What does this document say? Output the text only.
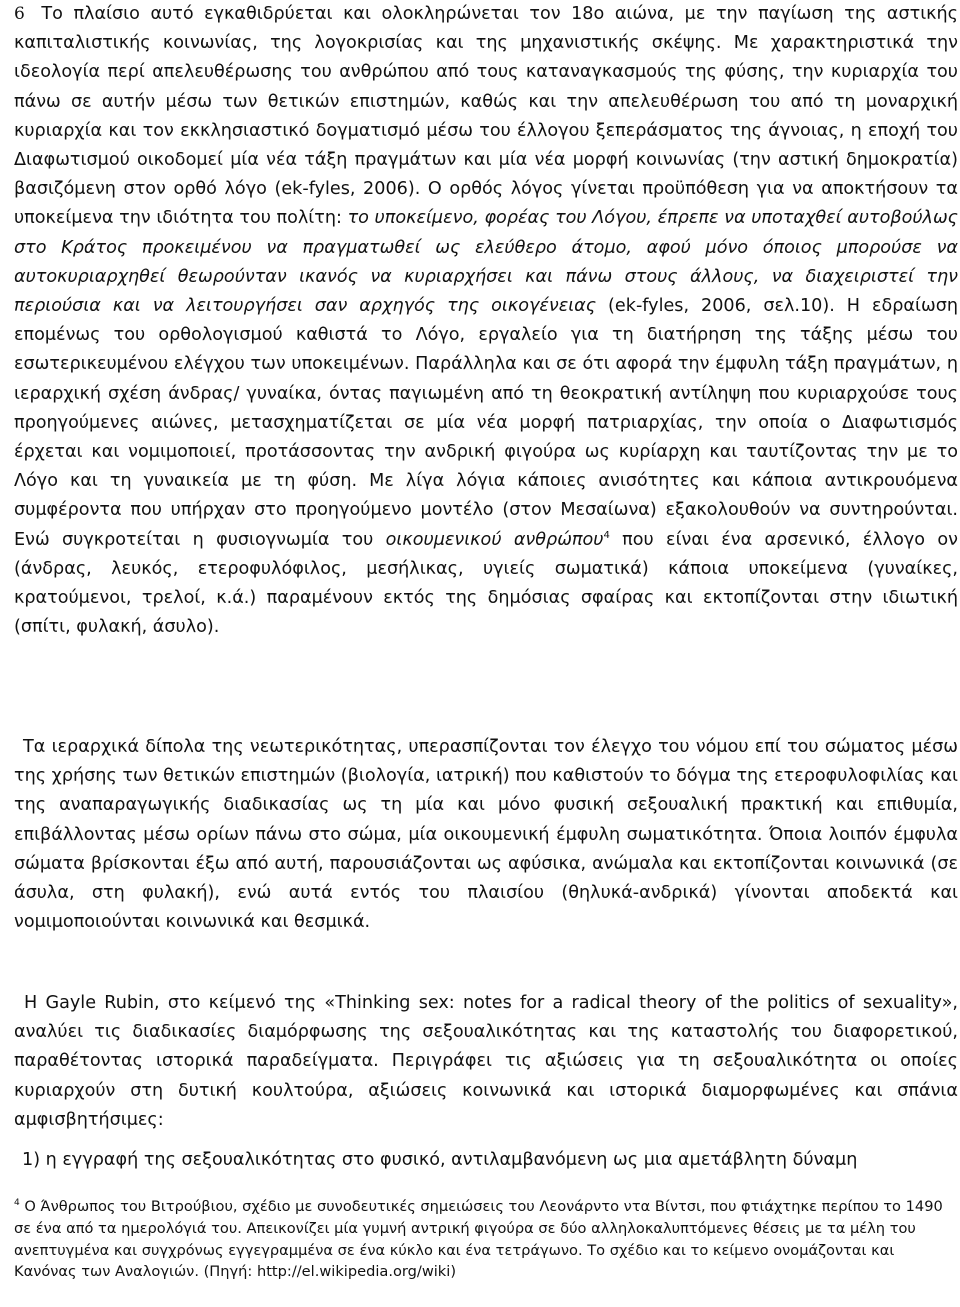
6 Το πλαίσιο αυτό εγκαθιδρύεται και ολοκληρώνεται τον 18ο αιώνα, με την παγίωση της αστικής καπιταλιστικής κοινωνίας, της λογοκρισίας και της μηχανιστικής σκέψης. Με χαρακτηριστικά την ιδεολογία περί απελευθέρωσης του ανθρώπου από τους καταναγκασμούς της φύσης, την κυριαρχία του πάνω σε αυτήν μέσω των θετικών επιστημών, καθώς και την απελευθέρωση του από τη μοναρχική κυριαρχία και τον εκκλησιαστικό δογματισμό μέσω του έλλογου ξεπεράσματος της άγνοιας, η εποχή του Διαφωτισμού οικοδομεί μία νέα τάξη πραγμάτων και μία νέα μορφή κοινωνίας (την αστική δημοκρατία) βασιζόμενη στον ορθό λόγο (ek-fyles, 2006). Ο ορθός λόγος γίνεται προϋπόθεση για να αποκτήσουν τα υποκείμενα την ιδιότητα του πολίτη: το υποκείμενο, φορέας του Λόγου, έπρεπε να υποταχθεί αυτοβούλως στο Κράτος προκειμένου να πραγματωθεί ως ελεύθερο άτομο, αφού μόνο όποιος μπορούσε να αυτοκυριαρχηθεί θεωρούνταν ικανός να κυριαρχήσει και πάνω στους άλλους, να διαχειριστεί την περιούσια και να λειτουργήσει σαν αρχηγός της οικογένειας (ek-fyles, 2006, σελ.10). Η εδραίωση επομένως του ορθολογισμού καθιστά το Λόγο, εργαλείο για τη διατήρηση της τάξης μέσω του εσωτερικευμένου ελέγχου των υποκειμένων. Παράλληλα και σε ότι αφορά την έμφυλη τάξη πραγμάτων, η ιεραρχική σχέση άνδρας/ γυναίκα, όντας παγιωμένη από τη θεοκρατική αντίληψη που κυριαρχούσε τους προηγούμενες αιώνες, μετασχηματίζεται σε μία νέα μορφή πατριαρχίας, την οποία ο Διαφωτισμός έρχεται και νομιμοποιεί, προτάσσοντας την ανδρική φιγούρα ως κυρίαρχη και ταυτίζοντας την με το Λόγο και τη γυναικεία με τη φύση. Με λίγα λόγια κάποιες ανισότητες και κάποια αντικρουόμενα συμφέροντα που υπήρχαν στο προηγούμενο μοντέλο (στον Μεσαίωνα) εξακολουθούν να συντηρούνται. Ενώ συγκροτείται η φυσιογνωμία του οικουμενικού ανθρώπου$^4$ που είναι ένα αρσενικό, έλλογο ον (άνδρας, λευκός, ετεροφυλόφιλος, μεσήλικας, υγιείς σωματικά) κάποια υποκείμενα (γυναίκες, κρατούμενοι, τρελοί, κ.ά.) παραμένουν εκτός της δημόσιας σφαίρας και εκτοπίζονται στην ιδιωτική (σπίτι, φυλακή, άσυλο).

Τα ιεραρχικά δίπολα της νεωτερικότητας, υπερασπίζονται τον έλεγχο του νόμου επί του σώματος μέσω της χρήσης των θετικών επιστημών (βιολογία, ιατρική) που καθιστούν το δόγμα της ετεροφυλοφιλίας και της αναπαραγωγικής διαδικασίας ως τη μία και μόνο φυσική σεξουαλική πρακτική και επιθυμία, επιβάλλοντας μέσω ορίων πάνω στο σώμα, μία οικουμενική έμφυλη σωματικότητα. Όποια λοιπόν έμφυλα σώματα βρίσκονται έξω από αυτή, παρουσιάζονται ως αφύσικα, ανώμαλα και εκτοπίζονται κοινωνικά (σε άσυλα, στη φυλακή), ενώ αυτά εντός του πλαισίου (θηλυκά-ανδρικά) γίνονται αποδεκτά και νομιμοποιούνται κοινωνικά και θεσμικά.

Η Gayle Rubin, στο κείμενό της «Thinking sex: notes for a radical theory of the politics of sexuality», αναλύει τις διαδικασίες διαμόρφωσης της σεξουαλικότητας και της καταστολής του διαφορετικού, παραθέτοντας ιστορικά παραδείγματα. Περιγράφει τις αξιώσεις για τη σεξουαλικότητα οι οποίες κυριαρχούν στη δυτική κουλτούρα, αξιώσεις κοινωνικά και ιστορικά διαμορφωμένες και σπάνια αμφισβητήσιμες:

1) η εγγραφή της σεξουαλικότητας στο φυσικό, αντιλαμβανόμενη ως μια αμετάβλητη δύναμη

$^4$ Ο Άνθρωπος του Βιτρούβιου, σχέδιο με συνοδευτικές σημειώσεις του Λεονάρντο ντα Βίντσι, που φτιάχτηκε περίπου το 1490 σε ένα από τα ημερολόγιά του. Απεικονίζει μία γυμνή αντρική φιγούρα σε δύο αλληλοκαλυπτόμενες θέσεις με τα μέλη του ανεπτυγμένα και συγχρόνως εγγεγραμμένα σε ένα κύκλο και ένα τετράγωνο. Το σχέδιο και το κείμενο ονομάζονται και Κανόνας των Αναλογιών. (Πηγή: http://el.wikipedia.org/wiki)
